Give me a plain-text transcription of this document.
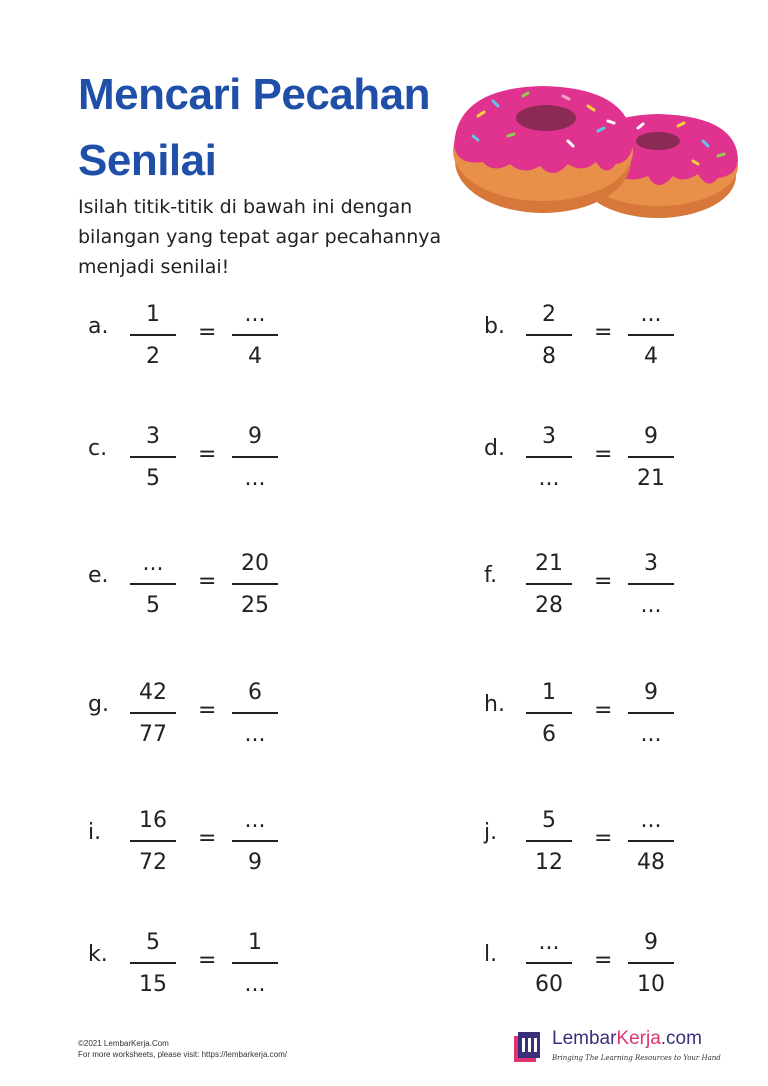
Mencari Pecahan
Senilai

Isilah titik-titik di bawah ini dengan
bilangan yang tepat agar pecahannya
menjadi senilai!

a.	1
2
=
...
4
b.	2
8
=
...
4
c.	3
5
=
9
...
d.	3
...
=
9
21
e.	...
5
=
20
25
f.	21
28
=
3
...
g.	42
77
=
6
...
h.	1
6
=
9
...
i.	16
72
=
...
9
j.	5
12
=
...
48
k.	5
15
=
1
...
l.	...
60
=
9
10
©2021 LembarKerja.Com
For more worksheets, please visit: https://lembarkerja.com/
LembarKerja.com
Bringing The Learning Resources to Your Hand
